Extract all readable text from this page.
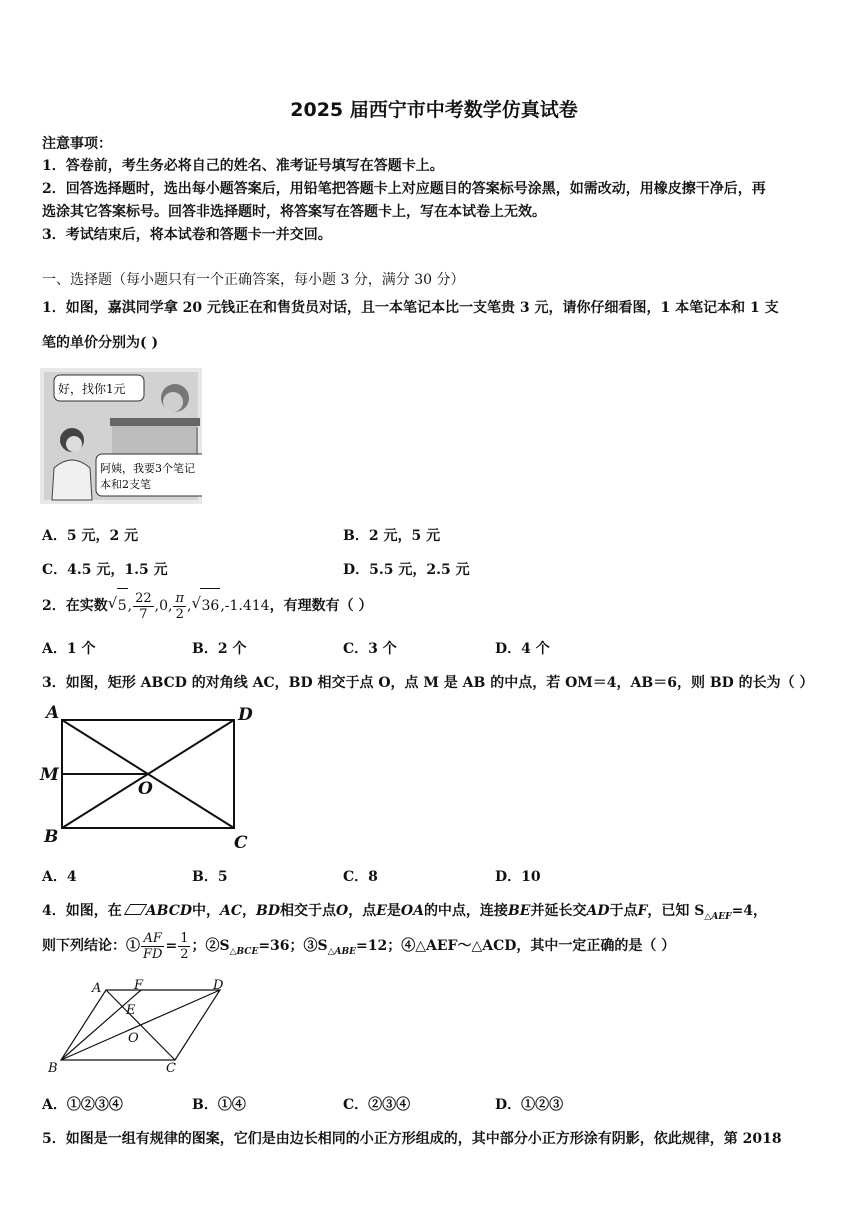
2025 届西宁市中考数学仿真试卷
注意事项：
1．答卷前，考生务必将自己的姓名、准考证号填写在答题卡上。
2．回答选择题时，选出每小题答案后，用铅笔把答题卡上对应题目的答案标号涂黑，如需改动，用橡皮擦干净后，再
选涂其它答案标号。回答非选择题时，将答案写在答题卡上，写在本试卷上无效。
3．考试结束后，将本试卷和答题卡一并交回。
一、选择题（每小题只有一个正确答案，每小题 3 分，满分 30 分）
1．如图，嘉淇同学拿 20 元钱正在和售货员对话，且一本笔记本比一支笔贵 3 元，请你仔细看图，1 本笔记本和 1 支
笔的单价分别为( )
好，找你1元
阿姨，我要3个笔记
本和2支笔
A．5 元，2 元	B．2 元，5 元
C．4.5 元，1.5 元	D．5.5 元，2.5 元
2．在实数 √ 5, $\frac{22}{7} ,0$, $\frac{\pi}{2}$ , √ 36,-1.414，有理数有（ ）
A．1 个	B．2 个	C．3 个	D．4 个
3．如图，矩形 ABCD 的对角线 AC，BD 相交于点 O，点 M 是 AB 的中点，若 OM＝4，AB＝6，则 BD 的长为（ ）
A	D
M
O
B	C
A．4	B．5	C．8	D．10
4．如图，在 ABCD中，AC，BD相交于点O，点E是OA的中点，连接BE并延长交AD于点F，已知 $S_{\triangle AEF}=4$，
则下列结论：① $\frac{AF}{FD} = \frac{1}{2}$ ；$②S_{\triangle BCE}=36$；$③S_{\triangle ABE}=12$；④△AEF～△ACD，其中一定正确的是（ ）
A	F	D
E
O
B	C
A．①②③④	B．①④	C．②③④	D．①②③
5．如图是一组有规律的图案，它们是由边长相同的小正方形组成的，其中部分小正方形涂有阴影，依此规律，第 2018
